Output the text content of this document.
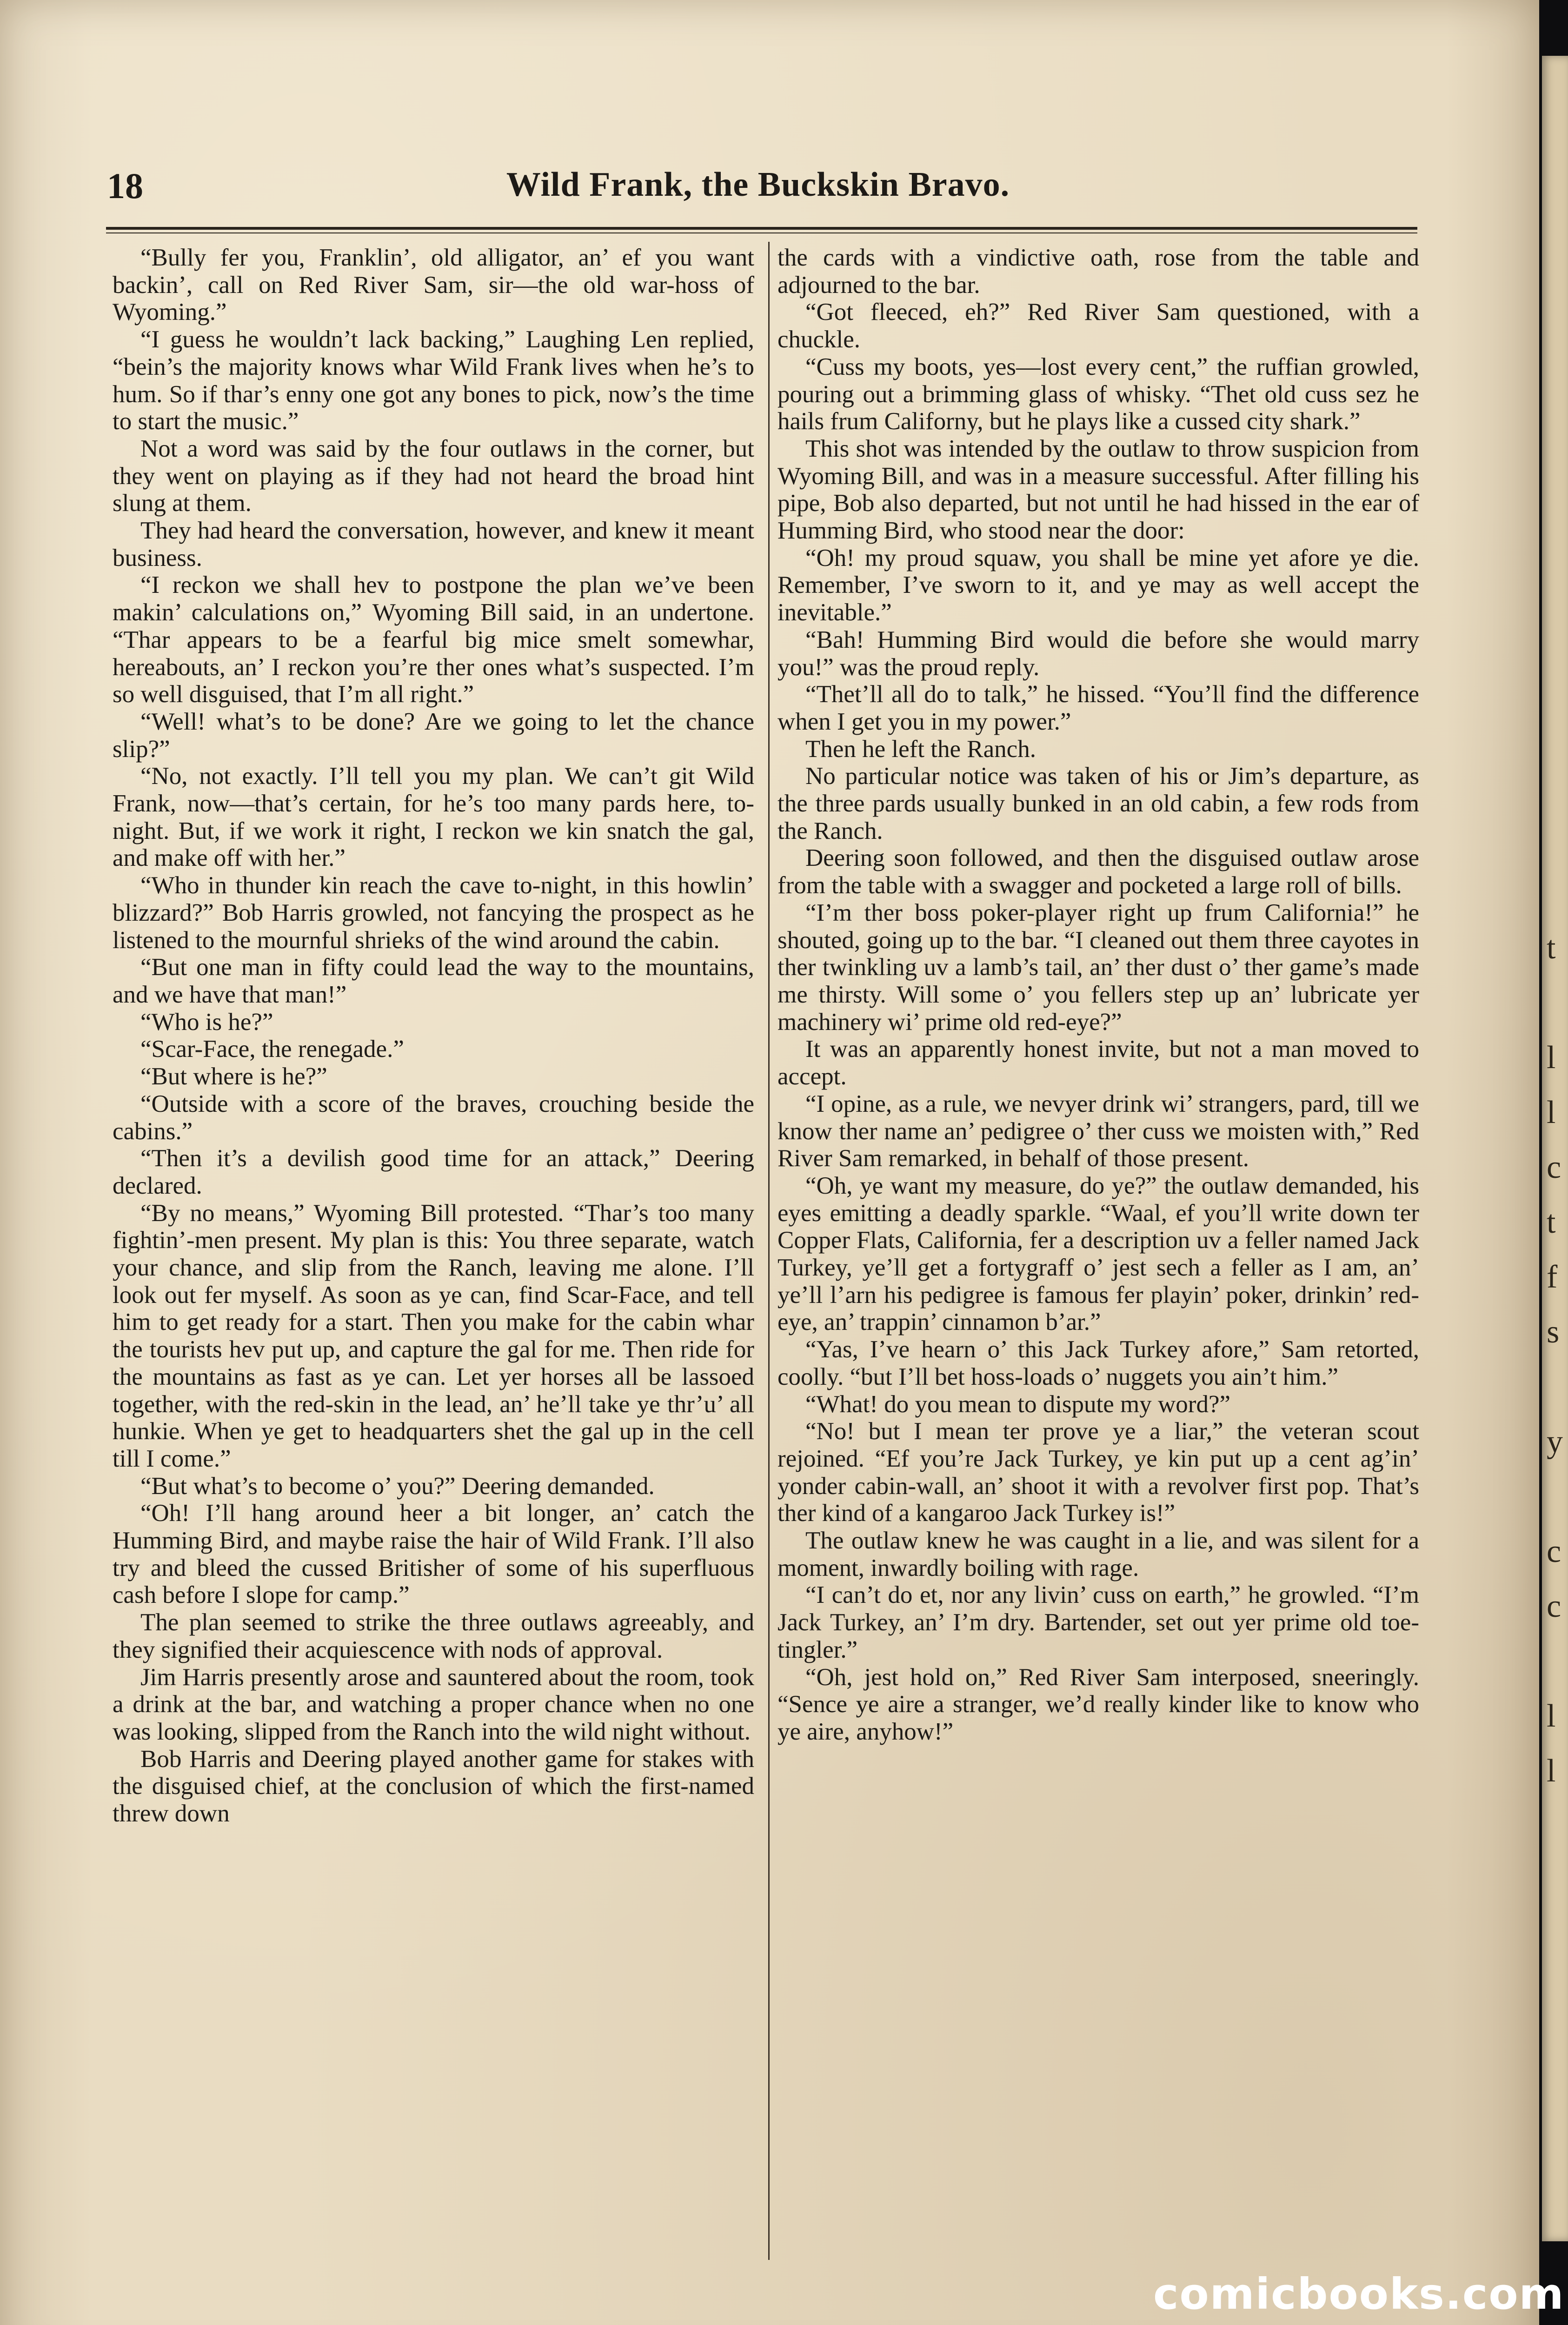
18	Wild Frank, the Buckskin Bravo.

“Bully fer you, Franklin’, old alligator, an’ ef you want backin’, call on Red River Sam, sir—the old war-hoss of Wyoming.”

“I guess he wouldn’t lack backing,” Laughing Len replied, “bein’s the majority knows whar Wild Frank lives when he’s to hum. So if thar’s enny one got any bones to pick, now’s the time to start the music.”

Not a word was said by the four outlaws in the corner, but they went on playing as if they had not heard the broad hint slung at them.

They had heard the conversation, however, and knew it meant business.

“I reckon we shall hev to postpone the plan we’ve been makin’ calculations on,” Wyoming Bill said, in an undertone. “Thar appears to be a fearful big mice smelt somewhar, hereabouts, an’ I reckon you’re ther ones what’s suspected. I’m so well disguised, that I’m all right.”

“Well! what’s to be done? Are we going to let the chance slip?”

“No, not exactly. I’ll tell you my plan. We can’t git Wild Frank, now—that’s certain, for he’s too many pards here, to-night. But, if we work it right, I reckon we kin snatch the gal, and make off with her.”

“Who in thunder kin reach the cave to-night, in this howlin’ blizzard?” Bob Harris growled, not fancying the prospect as he listened to the mournful shrieks of the wind around the cabin.

“But one man in fifty could lead the way to the mountains, and we have that man!”

“Who is he?”

“Scar-Face, the renegade.”

“But where is he?”

“Outside with a score of the braves, crouching beside the cabins.”

“Then it’s a devilish good time for an attack,” Deering declared.

“By no means,” Wyoming Bill protested. “Thar’s too many fightin’-men present. My plan is this: You three separate, watch your chance, and slip from the Ranch, leaving me alone. I’ll look out fer myself. As soon as ye can, find Scar-Face, and tell him to get ready for a start. Then you make for the cabin whar the tourists hev put up, and capture the gal for me. Then ride for the mountains as fast as ye can. Let yer horses all be lassoed together, with the red-skin in the lead, an’ he’ll take ye thr’u’ all hunkie. When ye get to headquarters shet the gal up in the cell till I come.”

“But what’s to become o’ you?” Deering demanded.

“Oh! I’ll hang around heer a bit longer, an’ catch the Humming Bird, and maybe raise the hair of Wild Frank. I’ll also try and bleed the cussed Britisher of some of his superfluous cash before I slope for camp.”

The plan seemed to strike the three outlaws agreeably, and they signified their acquiescence with nods of approval.

Jim Harris presently arose and sauntered about the room, took a drink at the bar, and watching a proper chance when no one was looking, slipped from the Ranch into the wild night without.

Bob Harris and Deering played another game for stakes with the disguised chief, at the conclusion of which the first-named threw down

the cards with a vindictive oath, rose from the table and adjourned to the bar.

“Got fleeced, eh?” Red River Sam questioned, with a chuckle.

“Cuss my boots, yes—lost every cent,” the ruffian growled, pouring out a brimming glass of whisky. “Thet old cuss sez he hails frum Californy, but he plays like a cussed city shark.”

This shot was intended by the outlaw to throw suspicion from Wyoming Bill, and was in a measure successful. After filling his pipe, Bob also departed, but not until he had hissed in the ear of Humming Bird, who stood near the door:

“Oh! my proud squaw, you shall be mine yet afore ye die. Remember, I’ve sworn to it, and ye may as well accept the inevitable.”

“Bah! Humming Bird would die before she would marry you!” was the proud reply.

“Thet’ll all do to talk,” he hissed. “You’ll find the difference when I get you in my power.”

Then he left the Ranch.

No particular notice was taken of his or Jim’s departure, as the three pards usually bunked in an old cabin, a few rods from the Ranch.

Deering soon followed, and then the disguised outlaw arose from the table with a swagger and pocketed a large roll of bills.

“I’m ther boss poker-player right up frum California!” he shouted, going up to the bar. “I cleaned out them three cayotes in ther twinkling uv a lamb’s tail, an’ ther dust o’ ther game’s made me thirsty. Will some o’ you fellers step up an’ lubricate yer machinery wi’ prime old red-eye?”

It was an apparently honest invite, but not a man moved to accept.

“I opine, as a rule, we nevyer drink wi’ strangers, pard, till we know ther name an’ pedigree o’ ther cuss we moisten with,” Red River Sam remarked, in behalf of those present.

“Oh, ye want my measure, do ye?” the outlaw demanded, his eyes emitting a deadly sparkle. “Waal, ef you’ll write down ter Copper Flats, California, fer a description uv a feller named Jack Turkey, ye’ll get a fortygraff o’ jest sech a feller as I am, an’ ye’ll l’arn his pedigree is famous fer playin’ poker, drinkin’ red-eye, an’ trappin’ cinnamon b’ar.”

“Yas, I’ve hearn o’ this Jack Turkey afore,” Sam retorted, coolly. “but I’ll bet hoss-loads o’ nuggets you ain’t him.”

“What! do you mean to dispute my word?”

“No! but I mean ter prove ye a liar,” the veteran scout rejoined. “Ef you’re Jack Turkey, ye kin put up a cent ag’in’ yonder cabin-wall, an’ shoot it with a revolver first pop. That’s ther kind of a kangaroo Jack Turkey is!”

The outlaw knew he was caught in a lie, and was silent for a moment, inwardly boiling with rage.

“I can’t do et, nor any livin’ cuss on earth,” he growled. “I’m Jack Turkey, an’ I’m dry. Bartender, set out yer prime old toe-tingler.”

“Oh, jest hold on,” Red River Sam interposed, sneeringly. “Sence ye aire a stranger, we’d really kinder like to know who ye aire, anyhow!”

t

l
l
c
t
f
s

y

c
c

l
l
comicbooks.com
